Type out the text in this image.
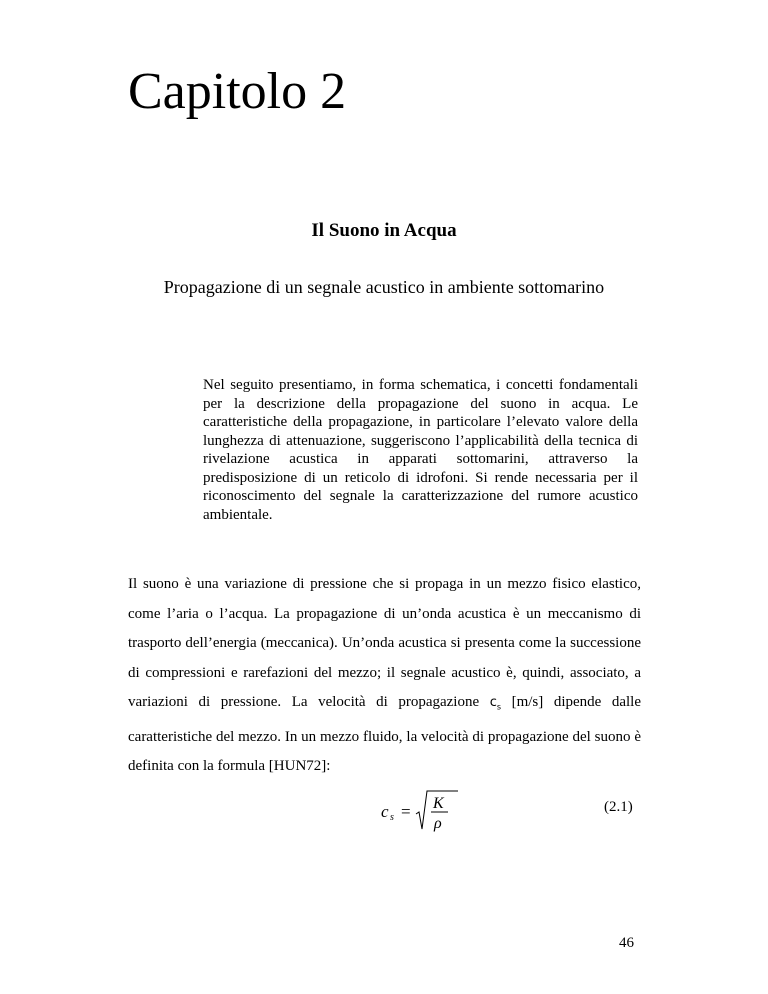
Capitolo 2
Il Suono in Acqua

Propagazione di un segnale acustico in ambiente sottomarino

Nel seguito presentiamo, in forma schematica, i concetti fondamentali per la descrizione della propagazione del suono in acqua. Le caratteristiche della propagazione, in particolare l’elevato valore della lunghezza di attenuazione, suggeriscono l’applicabilità della tecnica di rivelazione acustica in apparati sottomarini, attraverso la predisposizione di un reticolo di idrofoni. Si rende necessaria per il riconoscimento del segnale la caratterizzazione del rumore acustico ambientale.

Il suono è una variazione di pressione che si propaga in un mezzo fisico elastico, come l’aria o l’acqua. La propagazione di un’onda acustica è un meccanismo di trasporto dell’energia (meccanica). Un’onda acustica si presenta come la successione di compressioni e rarefazioni del mezzo; il segnale acustico è, quindi, associato, a variazioni di pressione. La velocità di propagazione $c_s$ [m/s] dipende dalle caratteristiche del mezzo. In un mezzo fluido, la velocità di propagazione del suono è definita con la formula [HUN72]:

c s = K
ρ

(2.1)

46
